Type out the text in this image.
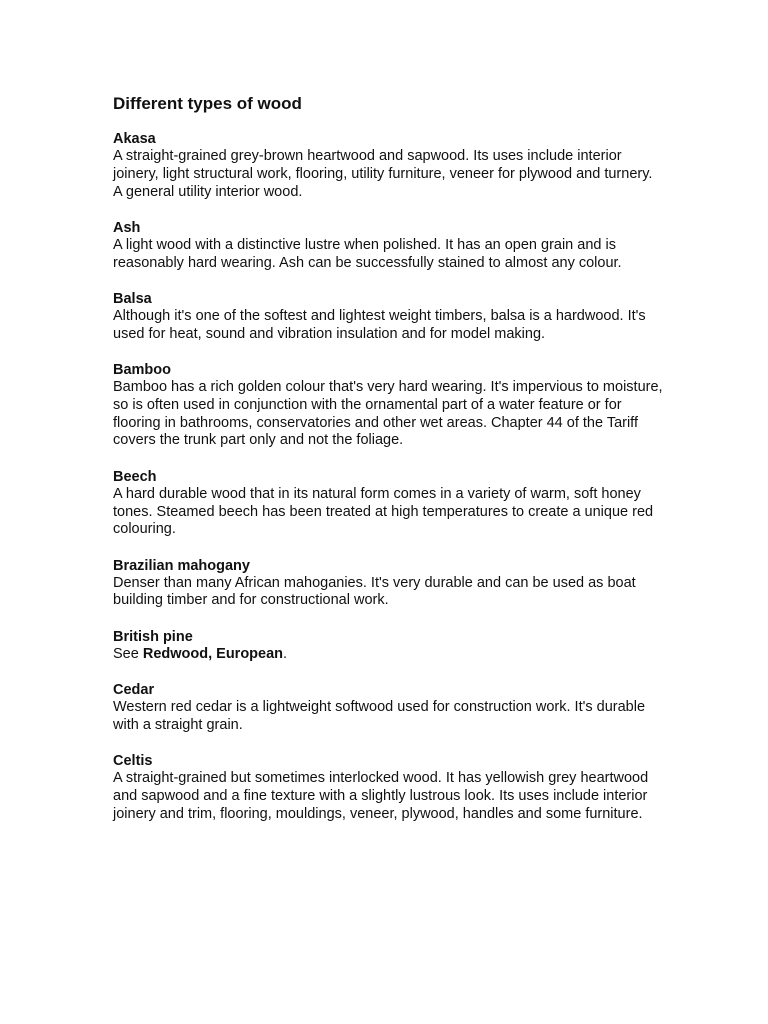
Different types of wood
Akasa
A straight-grained grey-brown heartwood and sapwood. Its uses include interior joinery, light structural work, flooring, utility furniture, veneer for plywood and turnery. A general utility interior wood.
Ash
A light wood with a distinctive lustre when polished. It has an open grain and is reasonably hard wearing. Ash can be successfully stained to almost any colour.
Balsa
Although it's one of the softest and lightest weight timbers, balsa is a hardwood. It's used for heat, sound and vibration insulation and for model making.
Bamboo
Bamboo has a rich golden colour that's very hard wearing. It's impervious to moisture, so is often used in conjunction with the ornamental part of a water feature or for flooring in bathrooms, conservatories and other wet areas. Chapter 44 of the Tariff covers the trunk part only and not the foliage.
Beech
A hard durable wood that in its natural form comes in a variety of warm, soft honey tones. Steamed beech has been treated at high temperatures to create a unique red colouring.
Brazilian mahogany
Denser than many African mahoganies. It's very durable and can be used as boat building timber and for constructional work.
British pine
See Redwood, European.
Cedar
Western red cedar is a lightweight softwood used for construction work. It's durable with a straight grain.
Celtis
A straight-grained but sometimes interlocked wood. It has yellowish grey heartwood and sapwood and a fine texture with a slightly lustrous look. Its uses include interior joinery and trim, flooring, mouldings, veneer, plywood, handles and some furniture.
